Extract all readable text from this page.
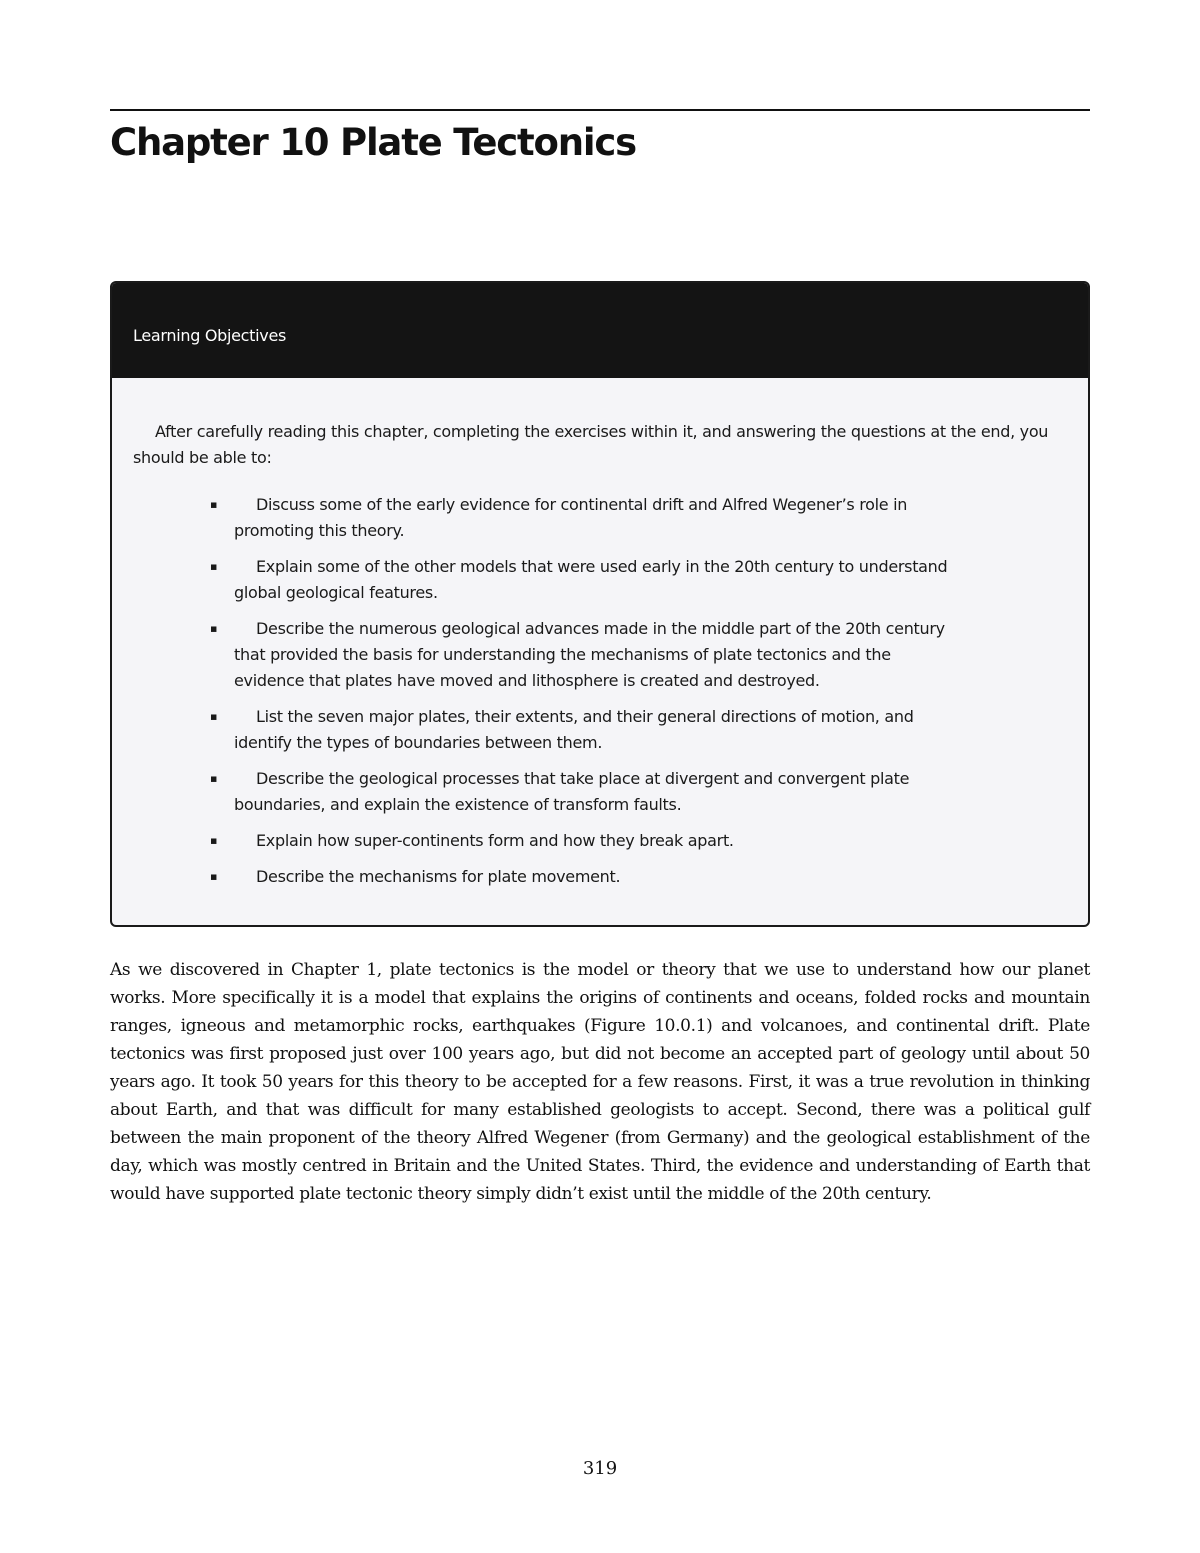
Chapter 10 Plate Tectonics
Learning Objectives

After carefully reading this chapter, completing the exercises within it, and answering the questions at the end, you should be able to:

▪ Discuss some of the early evidence for continental drift and Alfred Wegener’s role in promoting this theory.
▪ Explain some of the other models that were used early in the 20th century to understand global geological features.
▪ Describe the numerous geological advances made in the middle part of the 20th century that provided the basis for understanding the mechanisms of plate tectonics and the evidence that plates have moved and lithosphere is created and destroyed.
▪ List the seven major plates, their extents, and their general directions of motion, and identify the types of boundaries between them.
▪ Describe the geological processes that take place at divergent and convergent plate boundaries, and explain the existence of transform faults.
▪ Explain how super-continents form and how they break apart.
▪ Describe the mechanisms for plate movement.

As we discovered in Chapter 1, plate tectonics is the model or theory that we use to understand how our planet works. More specifically it is a model that explains the origins of continents and oceans, folded rocks and mountain ranges, igneous and metamorphic rocks, earthquakes (Figure 10.0.1) and volcanoes, and continental drift. Plate tectonics was first proposed just over 100 years ago, but did not become an accepted part of geology until about 50 years ago. It took 50 years for this theory to be accepted for a few reasons. First, it was a true revolution in thinking about Earth, and that was difficult for many established geologists to accept. Second, there was a political gulf between the main proponent of the theory Alfred Wegener (from Germany) and the geological establishment of the day, which was mostly centred in Britain and the United States. Third, the evidence and understanding of Earth that would have supported plate tectonic theory simply didn’t exist until the middle of the 20th century.

319
